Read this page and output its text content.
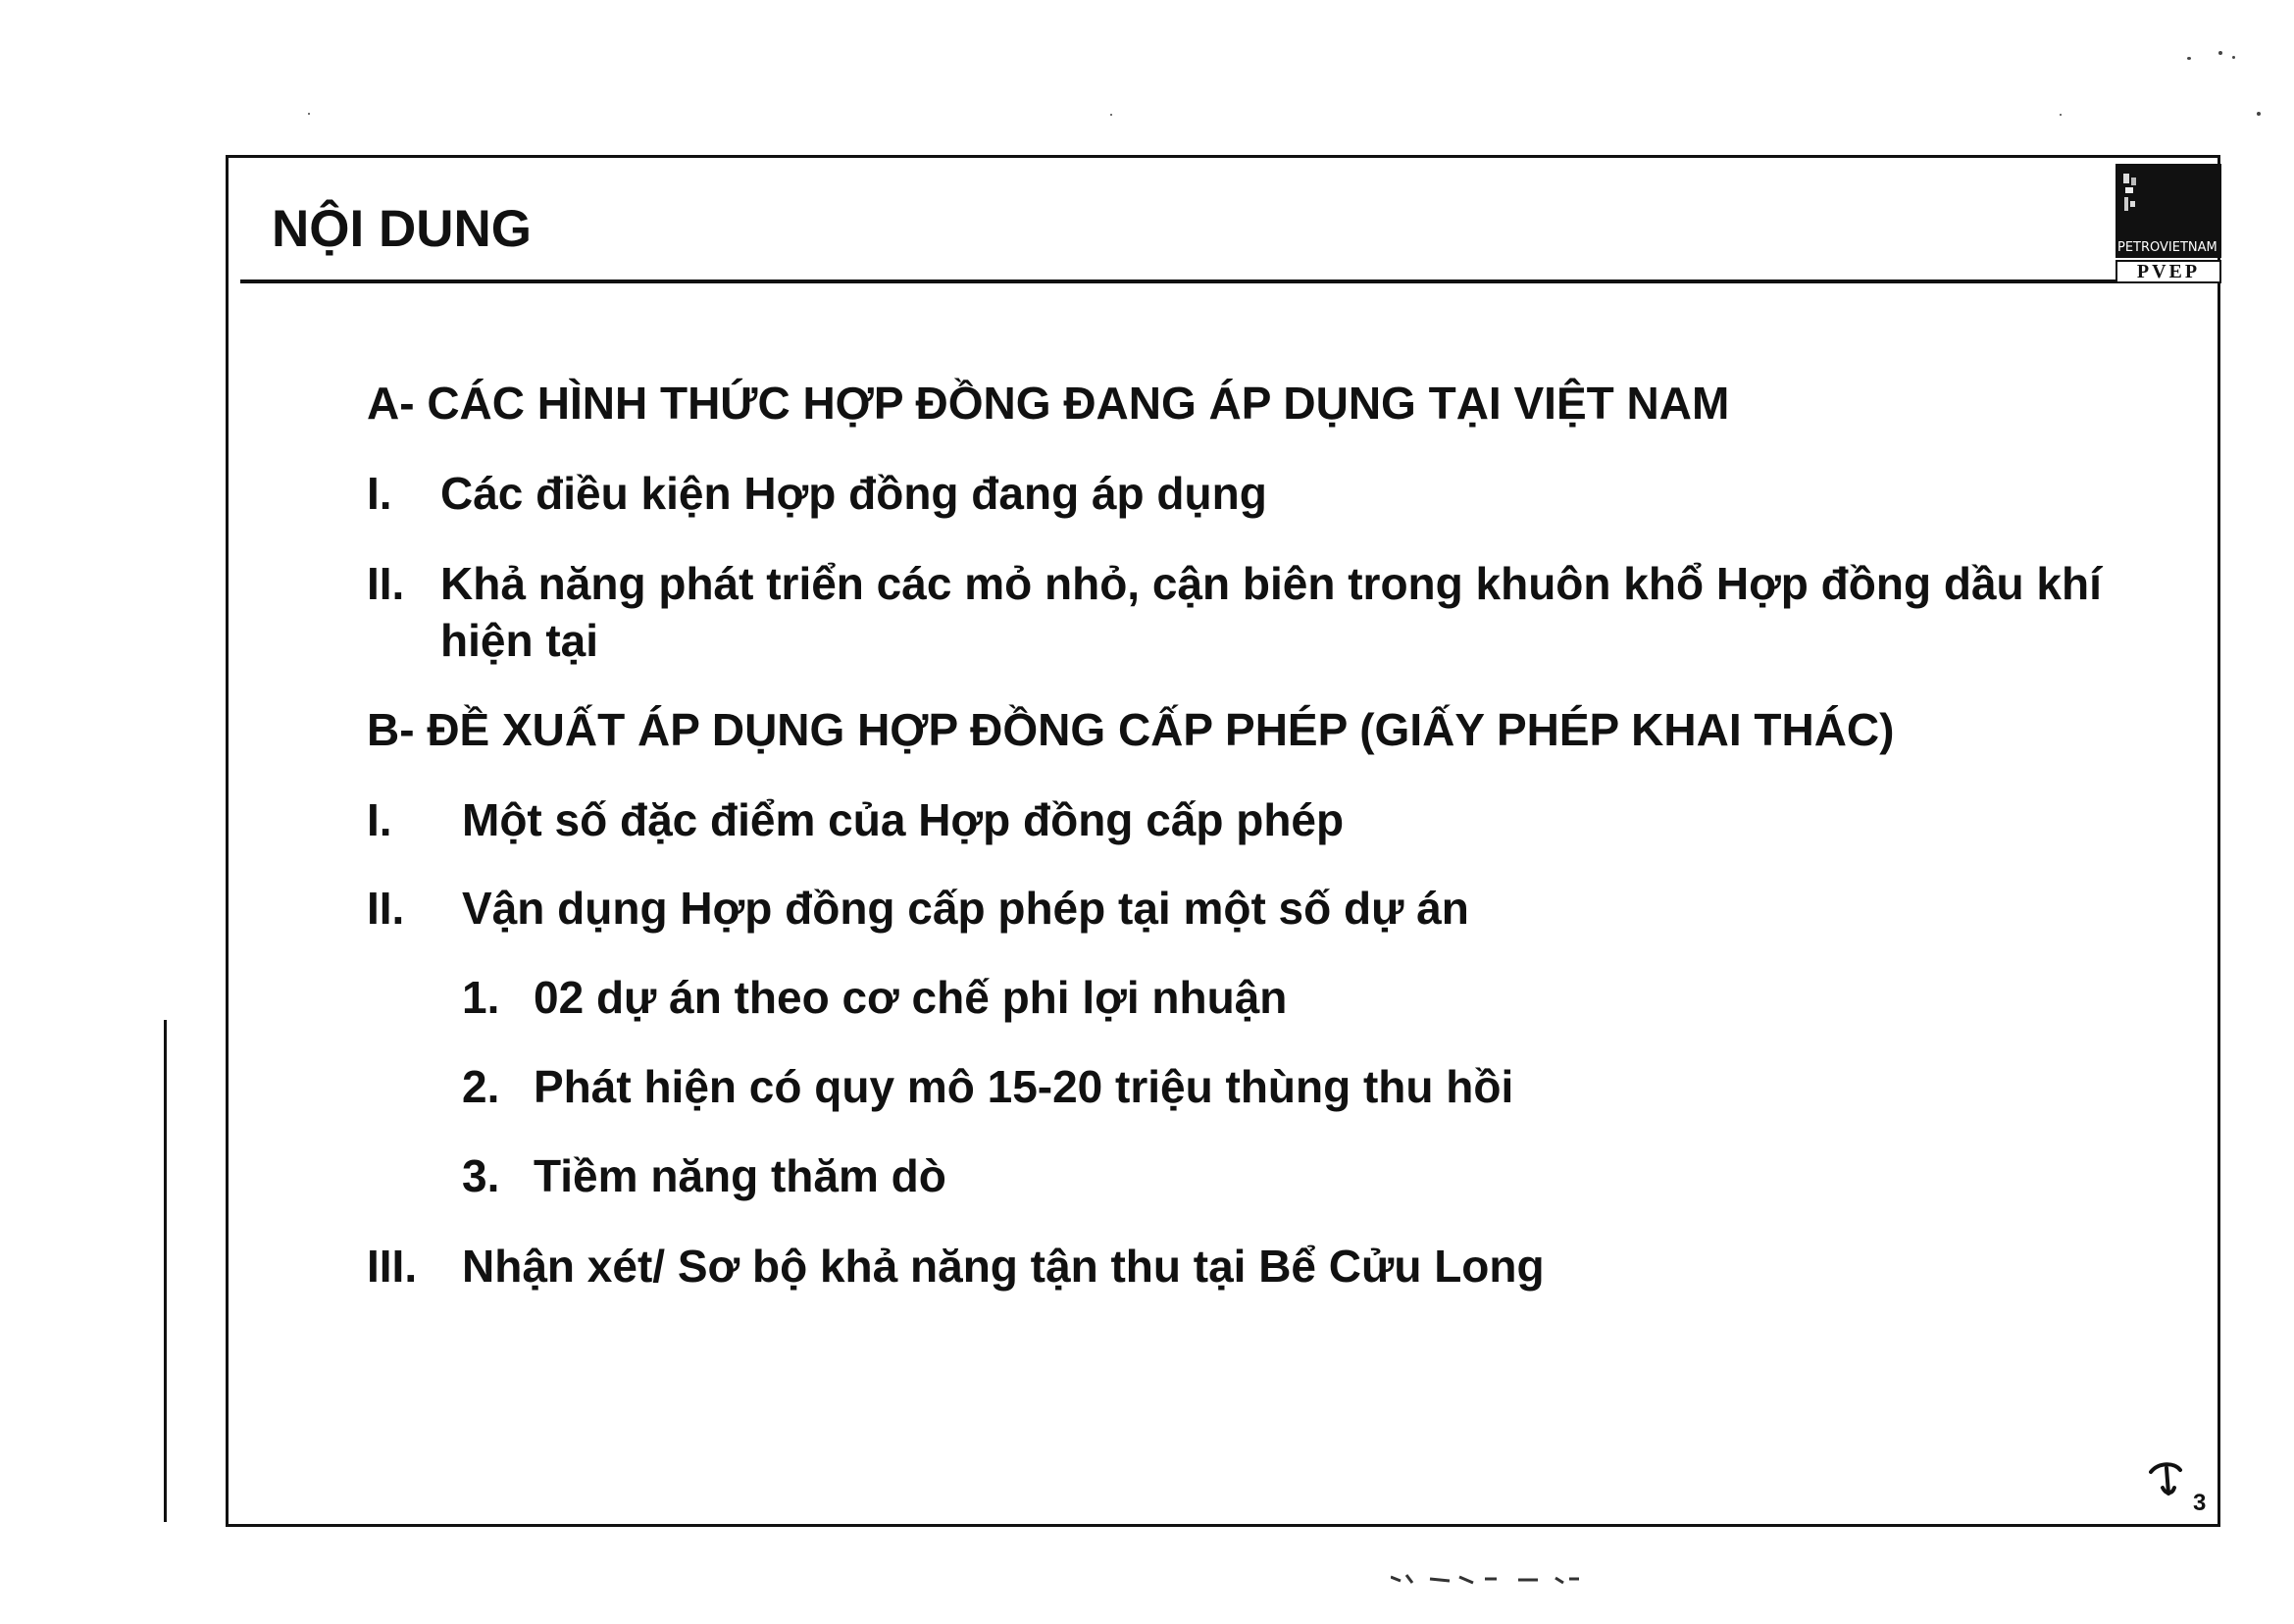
NỘI DUNG	PETROVIETNAM
PVEP
A- CÁC HÌNH THỨC HỢP ĐỒNG ĐANG ÁP DỤNG TẠI VIỆT NAM
I. Các điều kiện Hợp đồng đang áp dụng
II. Khả năng phát triển các mỏ nhỏ, cận biên trong khuôn khổ Hợp đồng dầu khí hiện tại
B- ĐỀ XUẤT ÁP DỤNG HỢP ĐỒNG CẤP PHÉP (GIẤY PHÉP KHAI THÁC)
I. Một số đặc điểm của Hợp đồng cấp phép
II. Vận dụng Hợp đồng cấp phép tại một số dự án
1. 02 dự án theo cơ chế phi lợi nhuận
2. Phát hiện có quy mô 15-20 triệu thùng thu hồi
3. Tiềm năng thăm dò
III. Nhận xét/ Sơ bộ khả năng tận thu tại Bể Cửu Long
3
